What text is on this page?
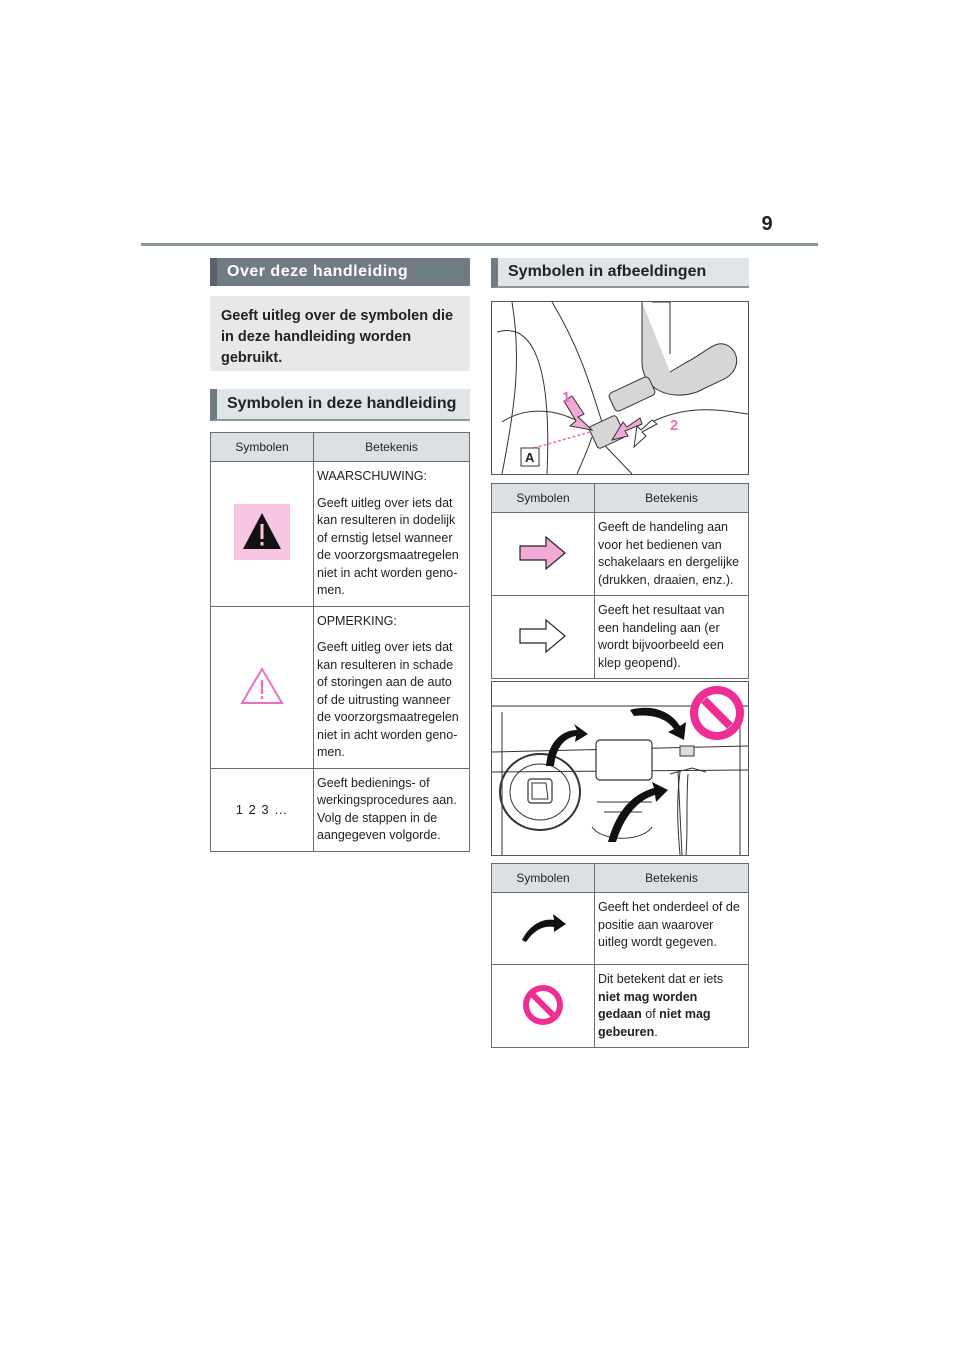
9
Over deze handleiding
Geeft uitleg over de symbolen die in deze handleiding worden gebruikt.
Symbolen in deze handleiding
Symbolen	Betekenis

WAARSCHUWING:

Geeft uitleg over iets dat kan resulteren in dodelijk of ernstig letsel wanneer de voorzorgsmaatregelen niet in acht worden geno-men.

OPMERKING:

Geeft uitleg over iets dat kan resulteren in schade of storingen aan de auto of de uitrusting wanneer de voorzorgsmaatregelen niet in acht worden geno-men.

1 2 3 …	Geeft bedienings- of werkingsprocedures aan. Volg de stappen in de aangegeven volgorde.

Symbolen in afbeeldingen
1
2
A
Symbolen	Betekenis

Geeft de handeling aan voor het bedienen van schakelaars en dergelijke (drukken, draaien, enz.).

Geeft het resultaat van een handeling aan (er wordt bijvoorbeeld een klep geopend).

Symbolen	Betekenis

Geeft het onderdeel of de positie aan waarover uitleg wordt gegeven.

Dit betekent dat er iets niet mag worden gedaan of niet mag gebeuren.
